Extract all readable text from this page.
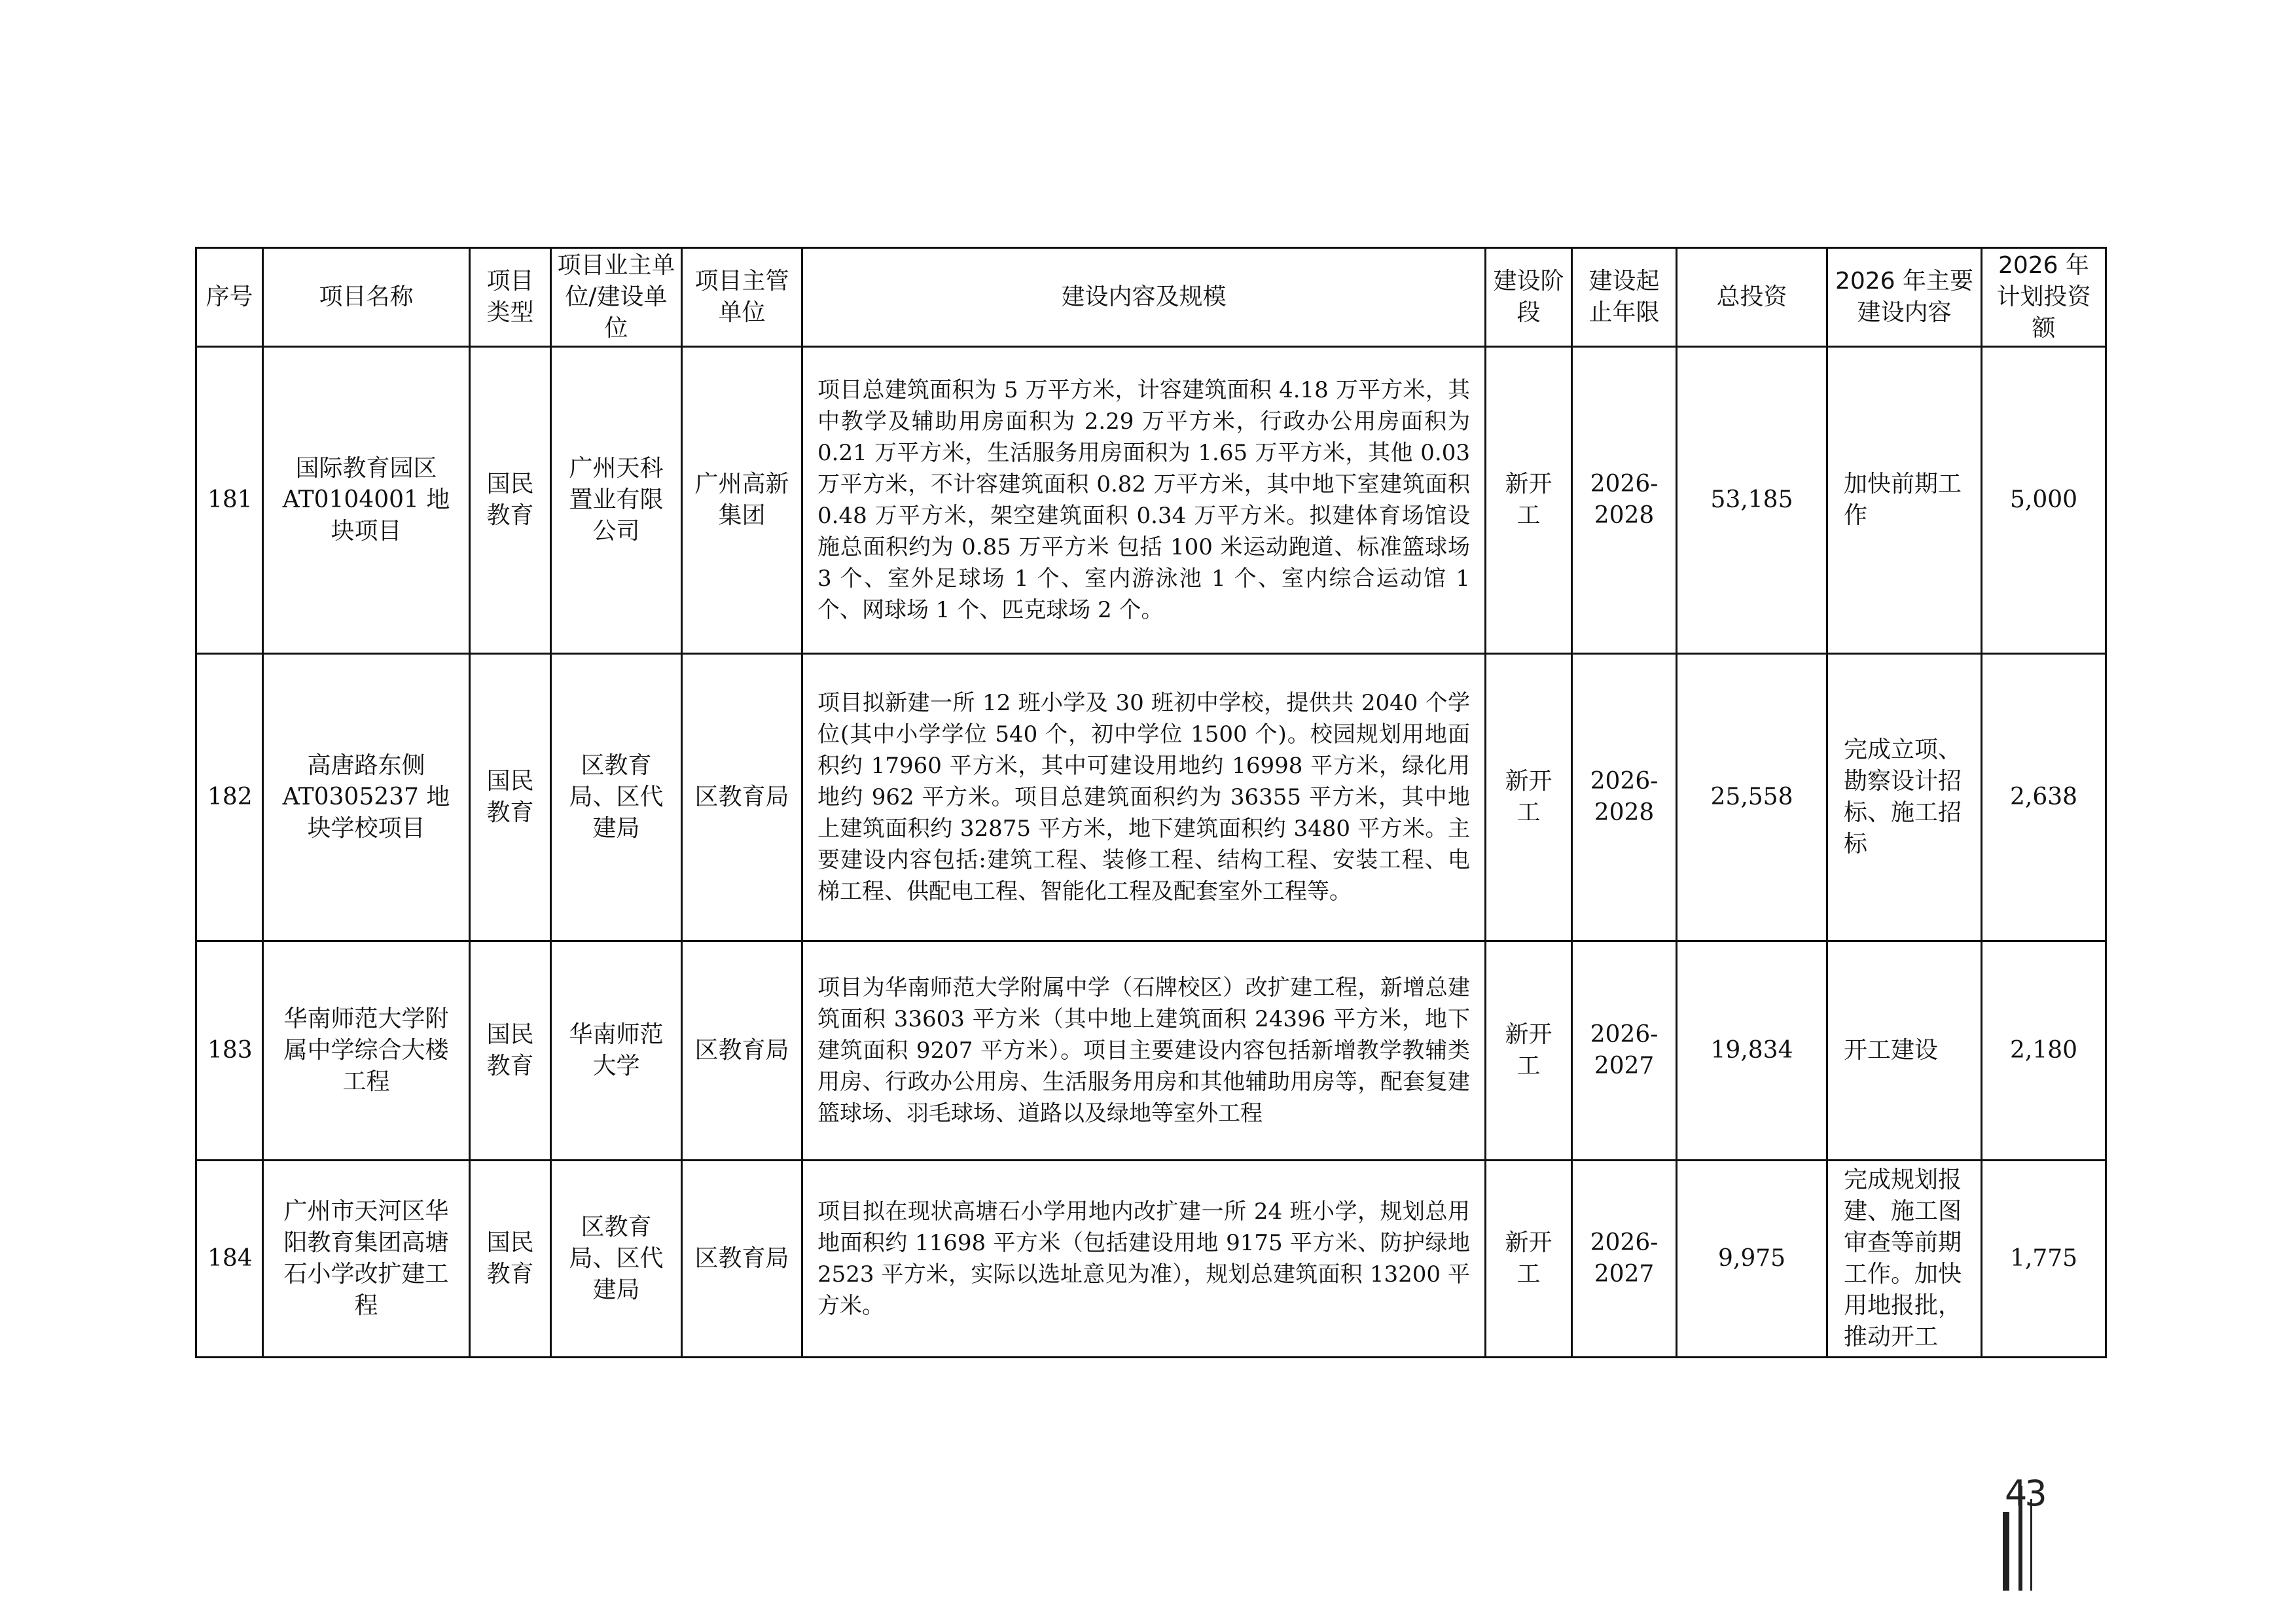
序号	项目名称	项目类型	项目业主单位/建设单位	项目主管单位	建设内容及规模	建设阶段	建设起止年限	总投资	2026 年主要建设内容	2026 年计划投资额
181	国际教育园区AT0104001 地块项目	国民教育	广州天科置业有限公司	广州高新集团	项目总建筑面积为 5 万平方米，计容建筑面积 4.18 万平方米，其中教学及辅助用房面积为 2.29 万平方米，行政办公用房面积为 0.21 万平方米，生活服务用房面积为 1.65 万平方米，其他 0.03 万平方米，不计容建筑面积 0.82 万平方米，其中地下室建筑面积 0.48 万平方米，架空建筑面积 0.34 万平方米。拟建体育场馆设施总面积约为 0.85 万平方米 包括 100 米运动跑道、标准篮球场 3 个、室外足球场 1 个、室内游泳池 1 个、室内综合运动馆 1 个、网球场 1 个、匹克球场 2 个。	新开工	2026-2028	53,185	加快前期工作	5,000
182	高唐路东侧AT0305237 地块学校项目	国民教育	区教育局、区代建局	区教育局	项目拟新建一所 12 班小学及 30 班初中学校，提供共 2040 个学位(其中小学学位 540 个，初中学位 1500 个)。校园规划用地面积约 17960 平方米，其中可建设用地约 16998 平方米，绿化用地约 962 平方米。项目总建筑面积约为 36355 平方米，其中地上建筑面积约 32875 平方米，地下建筑面积约 3480 平方米。主要建设内容包括:建筑工程、装修工程、结构工程、安装工程、电梯工程、供配电工程、智能化工程及配套室外工程等。	新开工	2026-2028	25,558	完成立项、勘察设计招标、施工招标	2,638
183	华南师范大学附属中学综合大楼工程	国民教育	华南师范大学	区教育局	项目为华南师范大学附属中学（石牌校区）改扩建工程，新增总建筑面积 33603 平方米（其中地上建筑面积 24396 平方米，地下建筑面积 9207 平方米）。项目主要建设内容包括新增教学教辅类用房、行政办公用房、生活服务用房和其他辅助用房等，配套复建篮球场、羽毛球场、道路以及绿地等室外工程	新开工	2026-2027	19,834	开工建设	2,180
184	广州市天河区华阳教育集团高塘石小学改扩建工程	国民教育	区教育局、区代建局	区教育局	项目拟在现状高塘石小学用地内改扩建一所 24 班小学，规划总用地面积约 11698 平方米（包括建设用地 9175 平方米、防护绿地 2523 平方米，实际以选址意见为准），规划总建筑面积 13200 平方米。	新开工	2026-2027	9,975	完成规划报建、施工图审查等前期工作。加快用地报批，推动开工	1,775
43
